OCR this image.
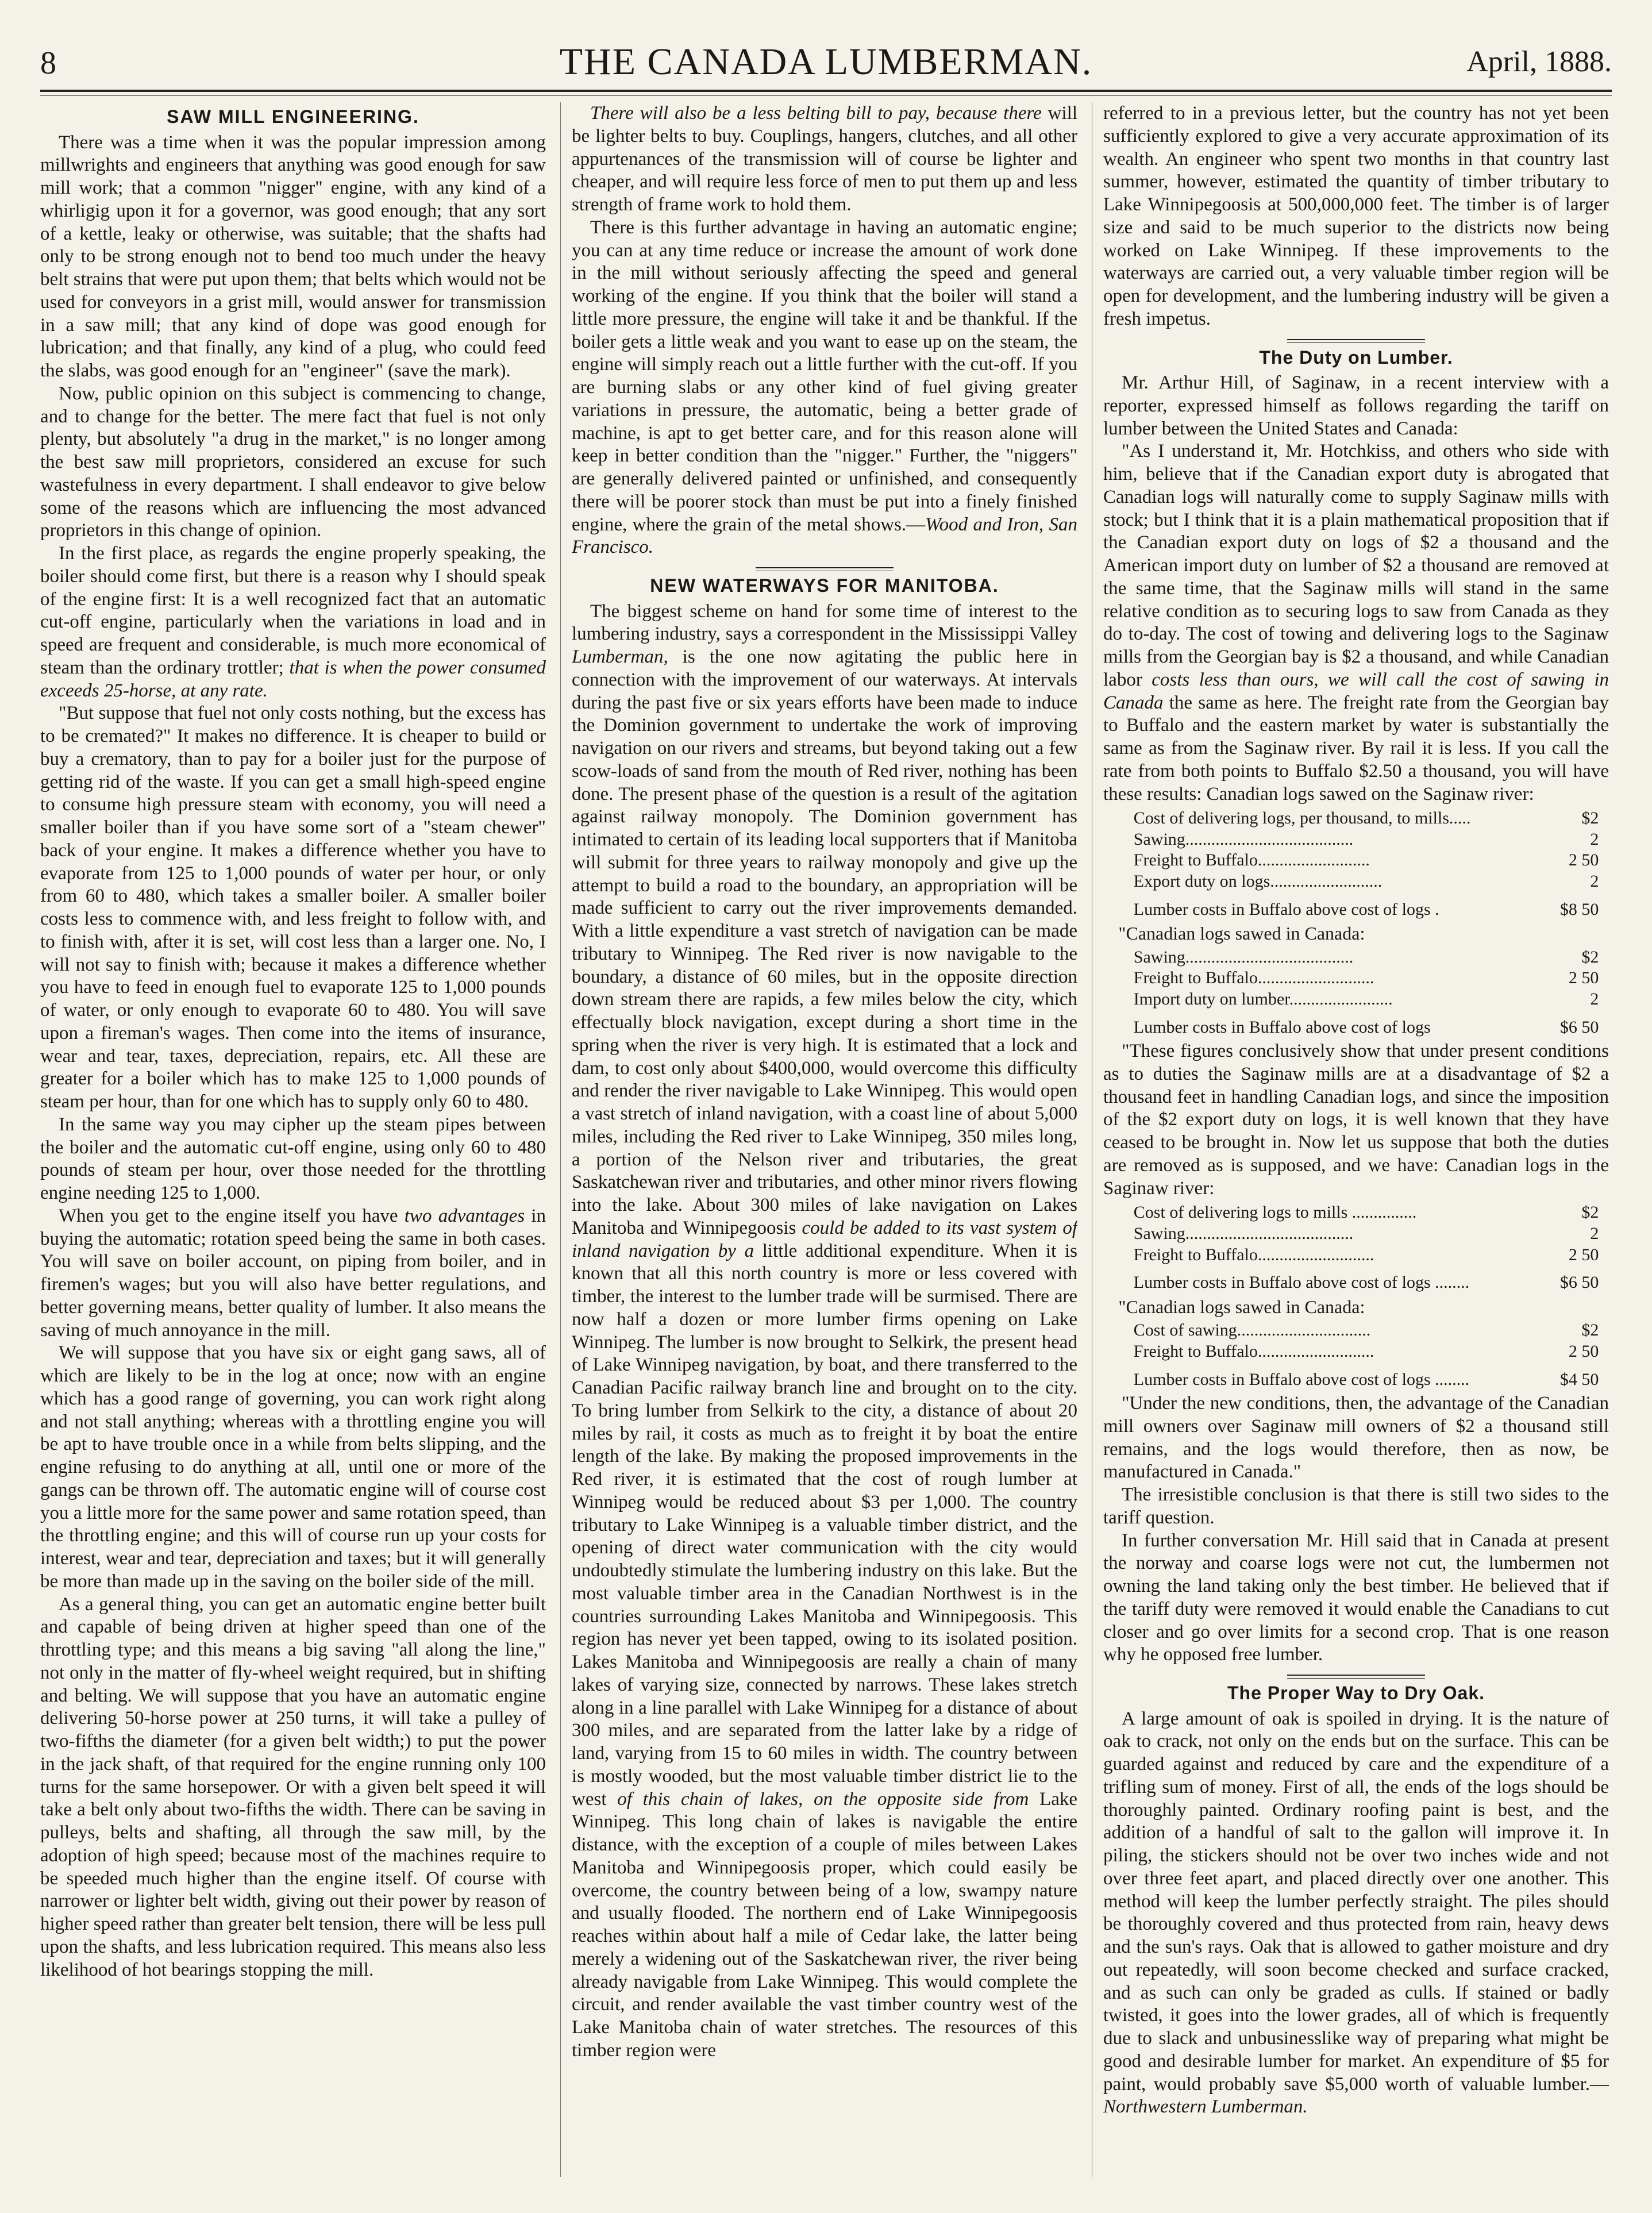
8	THE CANADA LUMBERMAN.	April, 1888.
SAW MILL ENGINEERING.

There was a time when it was the popular impression among millwrights and engineers that anything was good enough for saw mill work; that a common "nigger" engine, with any kind of a whirligig upon it for a governor, was good enough; that any sort of a kettle, leaky or otherwise, was suitable; that the shafts had only to be strong enough not to bend too much under the heavy belt strains that were put upon them; that belts which would not be used for conveyors in a grist mill, would answer for transmission in a saw mill; that any kind of dope was good enough for lubrication; and that finally, any kind of a plug, who could feed the slabs, was good enough for an "engineer" (save the mark).

Now, public opinion on this subject is commencing to change, and to change for the better. The mere fact that fuel is not only plenty, but absolutely "a drug in the market," is no longer among the best saw mill proprietors, considered an excuse for such wastefulness in every department. I shall endeavor to give below some of the reasons which are influencing the most advanced proprietors in this change of opinion.

In the first place, as regards the engine properly speaking, the boiler should come first, but there is a reason why I should speak of the engine first: It is a well recognized fact that an automatic cut-off engine, particularly when the variations in load and in speed are frequent and considerable, is much more economical of steam than the ordinary trottler; that is when the power consumed exceeds 25-horse, at any rate.

"But suppose that fuel not only costs nothing, but the excess has to be cremated?" It makes no difference. It is cheaper to build or buy a crematory, than to pay for a boiler just for the purpose of getting rid of the waste. If you can get a small high-speed engine to consume high pressure steam with economy, you will need a smaller boiler than if you have some sort of a "steam chewer" back of your engine. It makes a difference whether you have to evaporate from 125 to 1,000 pounds of water per hour, or only from 60 to 480, which takes a smaller boiler. A smaller boiler costs less to commence with, and less freight to follow with, and to finish with, after it is set, will cost less than a larger one. No, I will not say to finish with; because it makes a difference whether you have to feed in enough fuel to evaporate 125 to 1,000 pounds of water, or only enough to evaporate 60 to 480. You will save upon a fireman's wages. Then come into the items of insurance, wear and tear, taxes, depreciation, repairs, etc. All these are greater for a boiler which has to make 125 to 1,000 pounds of steam per hour, than for one which has to supply only 60 to 480.

In the same way you may cipher up the steam pipes between the boiler and the automatic cut-off engine, using only 60 to 480 pounds of steam per hour, over those needed for the throttling engine needing 125 to 1,000.

When you get to the engine itself you have two advantages in buying the automatic; rotation speed being the same in both cases. You will save on boiler account, on piping from boiler, and in firemen's wages; but you will also have better regulations, and better governing means, better quality of lumber. It also means the saving of much annoyance in the mill.

We will suppose that you have six or eight gang saws, all of which are likely to be in the log at once; now with an engine which has a good range of governing, you can work right along and not stall anything; whereas with a throttling engine you will be apt to have trouble once in a while from belts slipping, and the engine refusing to do anything at all, until one or more of the gangs can be thrown off. The automatic engine will of course cost you a little more for the same power and same rotation speed, than the throttling engine; and this will of course run up your costs for interest, wear and tear, depreciation and taxes; but it will generally be more than made up in the saving on the boiler side of the mill.

As a general thing, you can get an automatic engine better built and capable of being driven at higher speed than one of the throttling type; and this means a big saving "all along the line," not only in the matter of fly-wheel weight required, but in shifting and belting. We will suppose that you have an automatic engine delivering 50-horse power at 250 turns, it will take a pulley of two-fifths the diameter (for a given belt width;) to put the power in the jack shaft, of that required for the engine running only 100 turns for the same horsepower. Or with a given belt speed it will take a belt only about two-fifths the width. There can be saving in pulleys, belts and shafting, all through the saw mill, by the adoption of high speed; because most of the machines require to be speeded much higher than the engine itself. Of course with narrower or lighter belt width, giving out their power by reason of higher speed rather than greater belt tension, there will be less pull upon the shafts, and less lubrication required. This means also less likelihood of hot bearings stopping the mill.

There will also be a less belting bill to pay, because there will be lighter belts to buy. Couplings, hangers, clutches, and all other appurtenances of the transmission will of course be lighter and cheaper, and will require less force of men to put them up and less strength of frame work to hold them.

There is this further advantage in having an automatic engine; you can at any time reduce or increase the amount of work done in the mill without seriously affecting the speed and general working of the engine. If you think that the boiler will stand a little more pressure, the engine will take it and be thankful. If the boiler gets a little weak and you want to ease up on the steam, the engine will simply reach out a little further with the cut-off. If you are burning slabs or any other kind of fuel giving greater variations in pressure, the automatic, being a better grade of machine, is apt to get better care, and for this reason alone will keep in better condition than the "nigger." Further, the "niggers" are generally delivered painted or unfinished, and consequently there will be poorer stock than must be put into a finely finished engine, where the grain of the metal shows.—Wood and Iron, San Francisco.

NEW WATERWAYS FOR MANITOBA.

The biggest scheme on hand for some time of interest to the lumbering industry, says a correspondent in the Mississippi Valley Lumberman, is the one now agitating the public here in connection with the improvement of our waterways. At intervals during the past five or six years efforts have been made to induce the Dominion government to undertake the work of improving navigation on our rivers and streams, but beyond taking out a few scow-loads of sand from the mouth of Red river, nothing has been done. The present phase of the question is a result of the agitation against railway monopoly. The Dominion government has intimated to certain of its leading local supporters that if Manitoba will submit for three years to railway monopoly and give up the attempt to build a road to the boundary, an appropriation will be made sufficient to carry out the river improvements demanded. With a little expenditure a vast stretch of navigation can be made tributary to Winnipeg. The Red river is now navigable to the boundary, a distance of 60 miles, but in the opposite direction down stream there are rapids, a few miles below the city, which effectually block navigation, except during a short time in the spring when the river is very high. It is estimated that a lock and dam, to cost only about $400,000, would overcome this difficulty and render the river navigable to Lake Winnipeg. This would open a vast stretch of inland navigation, with a coast line of about 5,000 miles, including the Red river to Lake Winnipeg, 350 miles long, a portion of the Nelson river and tributaries, the great Saskatchewan river and tributaries, and other minor rivers flowing into the lake. About 300 miles of lake navigation on Lakes Manitoba and Winnipegoosis could be added to its vast system of inland navigation by a little additional expenditure. When it is known that all this north country is more or less covered with timber, the interest to the lumber trade will be surmised. There are now half a dozen or more lumber firms opening on Lake Winnipeg. The lumber is now brought to Selkirk, the present head of Lake Winnipeg navigation, by boat, and there transferred to the Canadian Pacific railway branch line and brought on to the city. To bring lumber from Selkirk to the city, a distance of about 20 miles by rail, it costs as much as to freight it by boat the entire length of the lake. By making the proposed improvements in the Red river, it is estimated that the cost of rough lumber at Winnipeg would be reduced about $3 per 1,000. The country tributary to Lake Winnipeg is a valuable timber district, and the opening of direct water communication with the city would undoubtedly stimulate the lumbering industry on this lake. But the most valuable timber area in the Canadian Northwest is in the countries surrounding Lakes Manitoba and Winnipegoosis. This region has never yet been tapped, owing to its isolated position. Lakes Manitoba and Winnipegoosis are really a chain of many lakes of varying size, connected by narrows. These lakes stretch along in a line parallel with Lake Winnipeg for a distance of about 300 miles, and are separated from the latter lake by a ridge of land, varying from 15 to 60 miles in width. The country between is mostly wooded, but the most valuable timber district lie to the west of this chain of lakes, on the opposite side from Lake Winnipeg. This long chain of lakes is navigable the entire distance, with the exception of a couple of miles between Lakes Manitoba and Winnipegoosis proper, which could easily be overcome, the country between being of a low, swampy nature and usually flooded. The northern end of Lake Winnipegoosis reaches within about half a mile of Cedar lake, the latter being merely a widening out of the Saskatchewan river, the river being already navigable from Lake Winnipeg. This would complete the circuit, and render available the vast timber country west of the Lake Manitoba chain of water stretches. The resources of this timber region were

referred to in a previous letter, but the country has not yet been sufficiently explored to give a very accurate approximation of its wealth. An engineer who spent two months in that country last summer, however, estimated the quantity of timber tributary to Lake Winnipegoosis at 500,000,000 feet. The timber is of larger size and said to be much superior to the districts now being worked on Lake Winnipeg. If these improvements to the waterways are carried out, a very valuable timber region will be open for development, and the lumbering industry will be given a fresh impetus.

The Duty on Lumber.

Mr. Arthur Hill, of Saginaw, in a recent interview with a reporter, expressed himself as follows regarding the tariff on lumber between the United States and Canada:

"As I understand it, Mr. Hotchkiss, and others who side with him, believe that if the Canadian export duty is abrogated that Canadian logs will naturally come to supply Saginaw mills with stock; but I think that it is a plain mathematical proposition that if the Canadian export duty on logs of $2 a thousand and the American import duty on lumber of $2 a thousand are removed at the same time, that the Saginaw mills will stand in the same relative condition as to securing logs to saw from Canada as they do to-day. The cost of towing and delivering logs to the Saginaw mills from the Georgian bay is $2 a thousand, and while Canadian labor costs less than ours, we will call the cost of sawing in Canada the same as here. The freight rate from the Georgian bay to Buffalo and the eastern market by water is substantially the same as from the Saginaw river. By rail it is less. If you call the rate from both points to Buffalo $2.50 a thousand, you will have these results: Canadian logs sawed on the Saginaw river:

Cost of delivering logs, per thousand, to mills.....	$2
Sawing.......................................	2
Freight to Buffalo..........................	2 50
Export duty on logs..........................	2
Lumber costs in Buffalo above cost of logs .	$8 50
"Canadian logs sawed in Canada:
Sawing.......................................	$2
Freight to Buffalo...........................	2 50
Import duty on lumber........................	2
Lumber costs in Buffalo above cost of logs	$6 50

"These figures conclusively show that under present conditions as to duties the Saginaw mills are at a disadvantage of $2 a thousand feet in handling Canadian logs, and since the imposition of the $2 export duty on logs, it is well known that they have ceased to be brought in. Now let us suppose that both the duties are removed as is supposed, and we have: Canadian logs in the Saginaw river:

Cost of delivering logs to mills ...............	$2
Sawing.......................................	2
Freight to Buffalo...........................	2 50
Lumber costs in Buffalo above cost of logs ........	$6 50
"Canadian logs sawed in Canada:
Cost of sawing...............................	$2
Freight to Buffalo...........................	2 50
Lumber costs in Buffalo above cost of logs ........	$4 50

"Under the new conditions, then, the advantage of the Canadian mill owners over Saginaw mill owners of $2 a thousand still remains, and the logs would therefore, then as now, be manufactured in Canada."

The irresistible conclusion is that there is still two sides to the tariff question.

In further conversation Mr. Hill said that in Canada at present the norway and coarse logs were not cut, the lumbermen not owning the land taking only the best timber. He believed that if the tariff duty were removed it would enable the Canadians to cut closer and go over limits for a second crop. That is one reason why he opposed free lumber.

The Proper Way to Dry Oak.

A large amount of oak is spoiled in drying. It is the nature of oak to crack, not only on the ends but on the surface. This can be guarded against and reduced by care and the expenditure of a trifling sum of money. First of all, the ends of the logs should be thoroughly painted. Ordinary roofing paint is best, and the addition of a handful of salt to the gallon will improve it. In piling, the stickers should not be over two inches wide and not over three feet apart, and placed directly over one another. This method will keep the lumber perfectly straight. The piles should be thoroughly covered and thus protected from rain, heavy dews and the sun's rays. Oak that is allowed to gather moisture and dry out repeatedly, will soon become checked and surface cracked, and as such can only be graded as culls. If stained or badly twisted, it goes into the lower grades, all of which is frequently due to slack and unbusinesslike way of preparing what might be good and desirable lumber for market. An expenditure of $5 for paint, would probably save $5,000 worth of valuable lumber.—Northwestern Lumberman.
